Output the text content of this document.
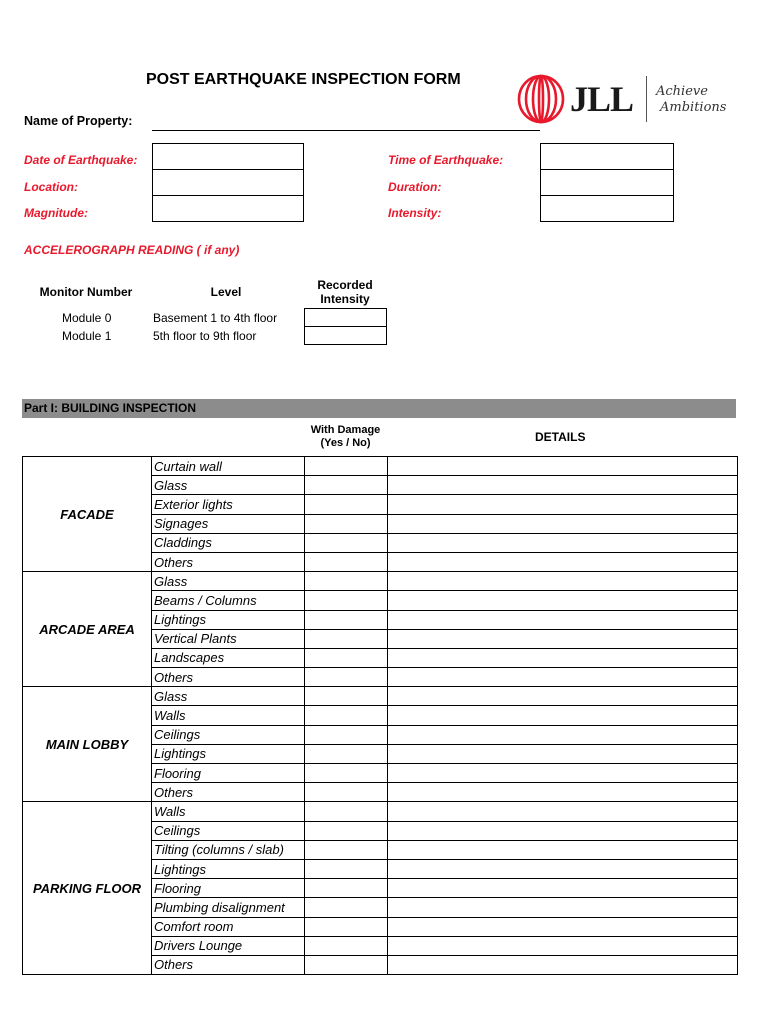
POST EARTHQUAKE INSPECTION FORM	JLL Achieve
Ambitions
Name of Property:
Date of Earthquake:
Location:
Magnitude:
Time of Earthquake:
Duration:
Intensity:
ACCELEROGRAPH READING ( if any)
Monitor Number	Level	Recorded
Intensity
Module 0	Basement 1 to 4th floor
Module 1	5th floor to 9th floor
Part I: BUILDING INSPECTION
With Damage
(Yes / No)	DETAILS
FACADE	Curtain wall		
	Glass		
	Exterior lights		
	Signages		
	Claddings		
	Others		
ARCADE AREA	Glass		
	Beams / Columns		
	Lightings		
	Vertical Plants		
	Landscapes		
	Others		
MAIN LOBBY	Glass		
	Walls		
	Ceilings		
	Lightings		
	Flooring		
	Others		
PARKING FLOOR	Walls		
	Ceilings		
	Tilting (columns / slab)		
	Lightings		
	Flooring		
	Plumbing disalignment		
	Comfort room		
	Drivers Lounge		
	Others		
